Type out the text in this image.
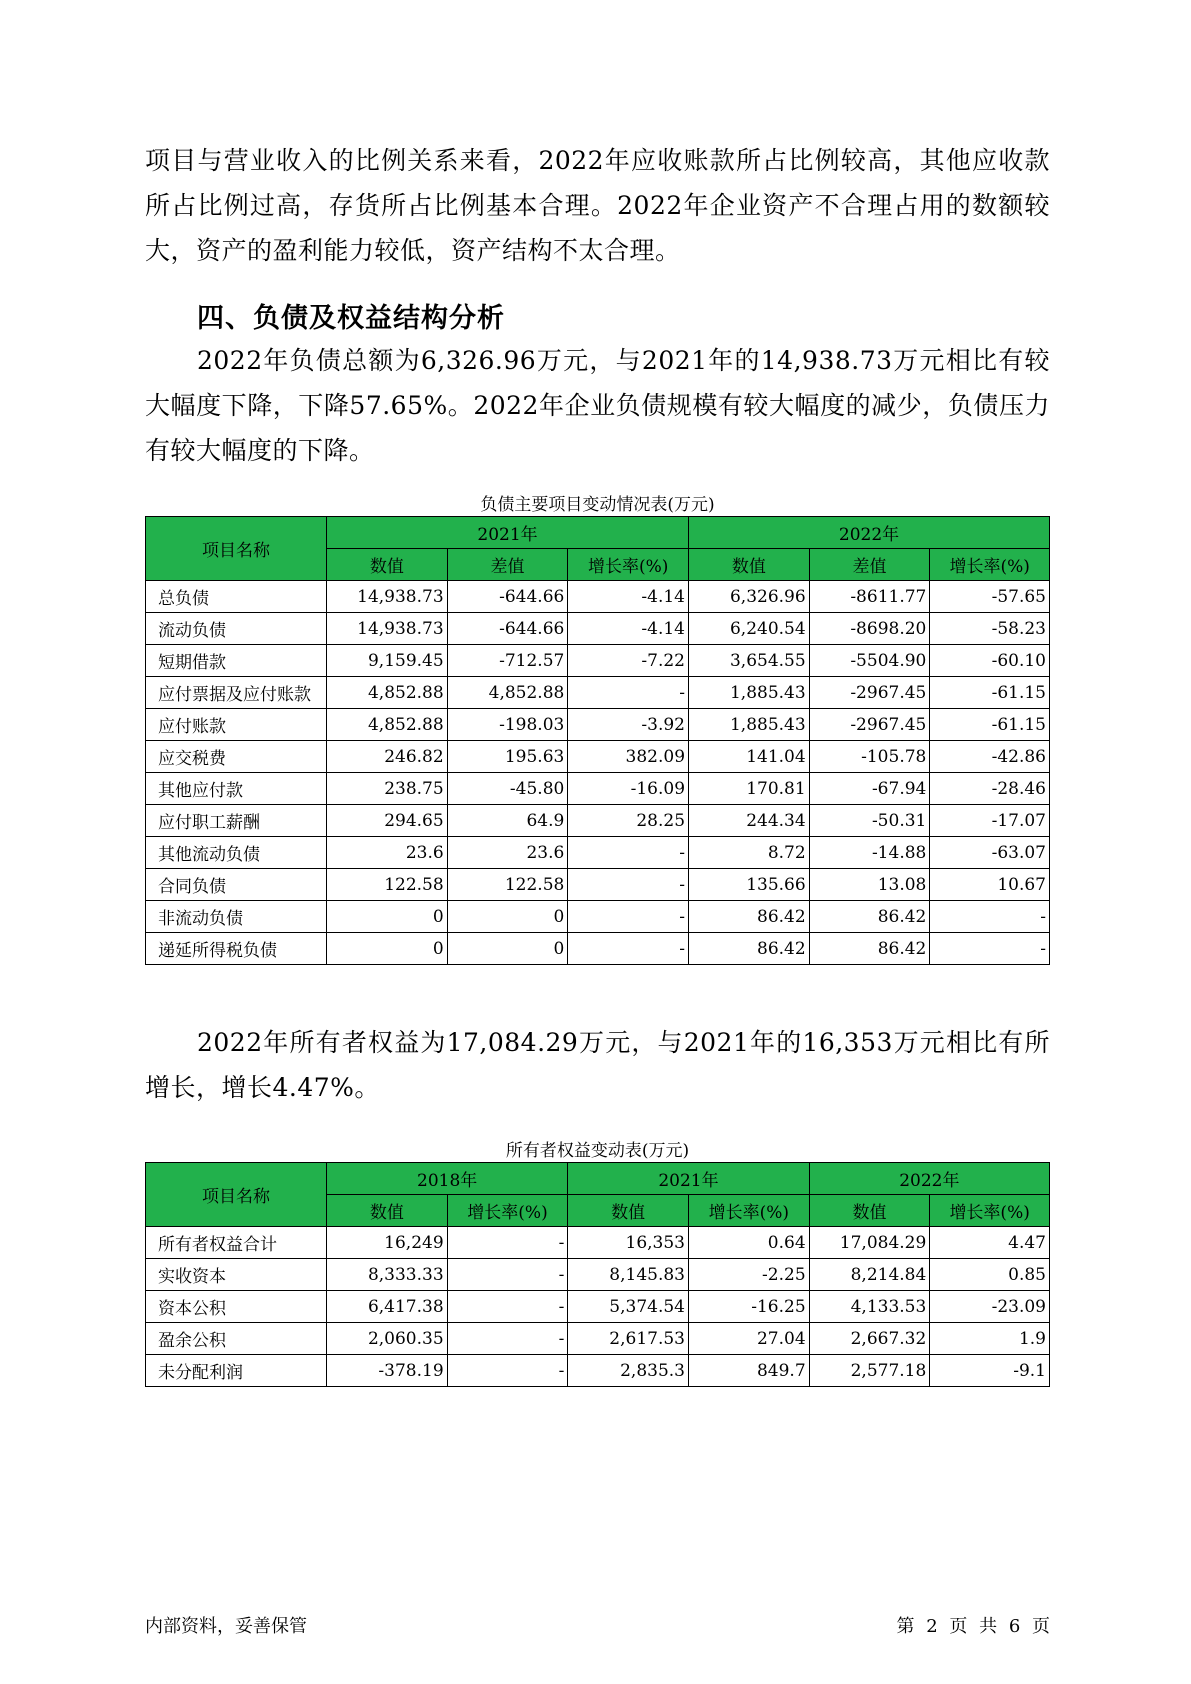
项目与营业收入的比例关系来看，2022年应收账款所占比例较高，其他应收款所占比例过高，存货所占比例基本合理。2022年企业资产不合理占用的数额较大，资产的盈利能力较低，资产结构不太合理。
四、负债及权益结构分析
2022年负债总额为6,326.96万元，与2021年的14,938.73万元相比有较大幅度下降，下降57.65%。2022年企业负债规模有较大幅度的减少，负债压力有较大幅度的下降。
负债主要项目变动情况表(万元)
项目名称	2021年			2022年		
	数值	差值	增长率(%)	数值	差值	增长率(%)
总负债	14,938.73	-644.66	-4.14	6,326.96	-8611.77	-57.65
流动负债	14,938.73	-644.66	-4.14	6,240.54	-8698.20	-58.23
短期借款	9,159.45	-712.57	-7.22	3,654.55	-5504.90	-60.10
应付票据及应付账款	4,852.88	4,852.88	-	1,885.43	-2967.45	-61.15
应付账款	4,852.88	-198.03	-3.92	1,885.43	-2967.45	-61.15
应交税费	246.82	195.63	382.09	141.04	-105.78	-42.86
其他应付款	238.75	-45.80	-16.09	170.81	-67.94	-28.46
应付职工薪酬	294.65	64.9	28.25	244.34	-50.31	-17.07
其他流动负债	23.6	23.6	-	8.72	-14.88	-63.07
合同负债	122.58	122.58	-	135.66	13.08	10.67
非流动负债	0	0	-	86.42	86.42	-
递延所得税负债	0	0	-	86.42	86.42	-
2022年所有者权益为17,084.29万元，与2021年的16,353万元相比有所增长，增长4.47%。
所有者权益变动表(万元)
项目名称	2018年		2021年		2022年	
	数值	增长率(%)	数值	增长率(%)	数值	增长率(%)
所有者权益合计	16,249	-	16,353	0.64	17,084.29	4.47
实收资本	8,333.33	-	8,145.83	-2.25	8,214.84	0.85
资本公积	6,417.38	-	5,374.54	-16.25	4,133.53	-23.09
盈余公积	2,060.35	-	2,617.53	27.04	2,667.32	1.9
未分配利润	-378.19	-	2,835.3	849.7	2,577.18	-9.1
内部资料，妥善保管	第 2 页 共 6 页
